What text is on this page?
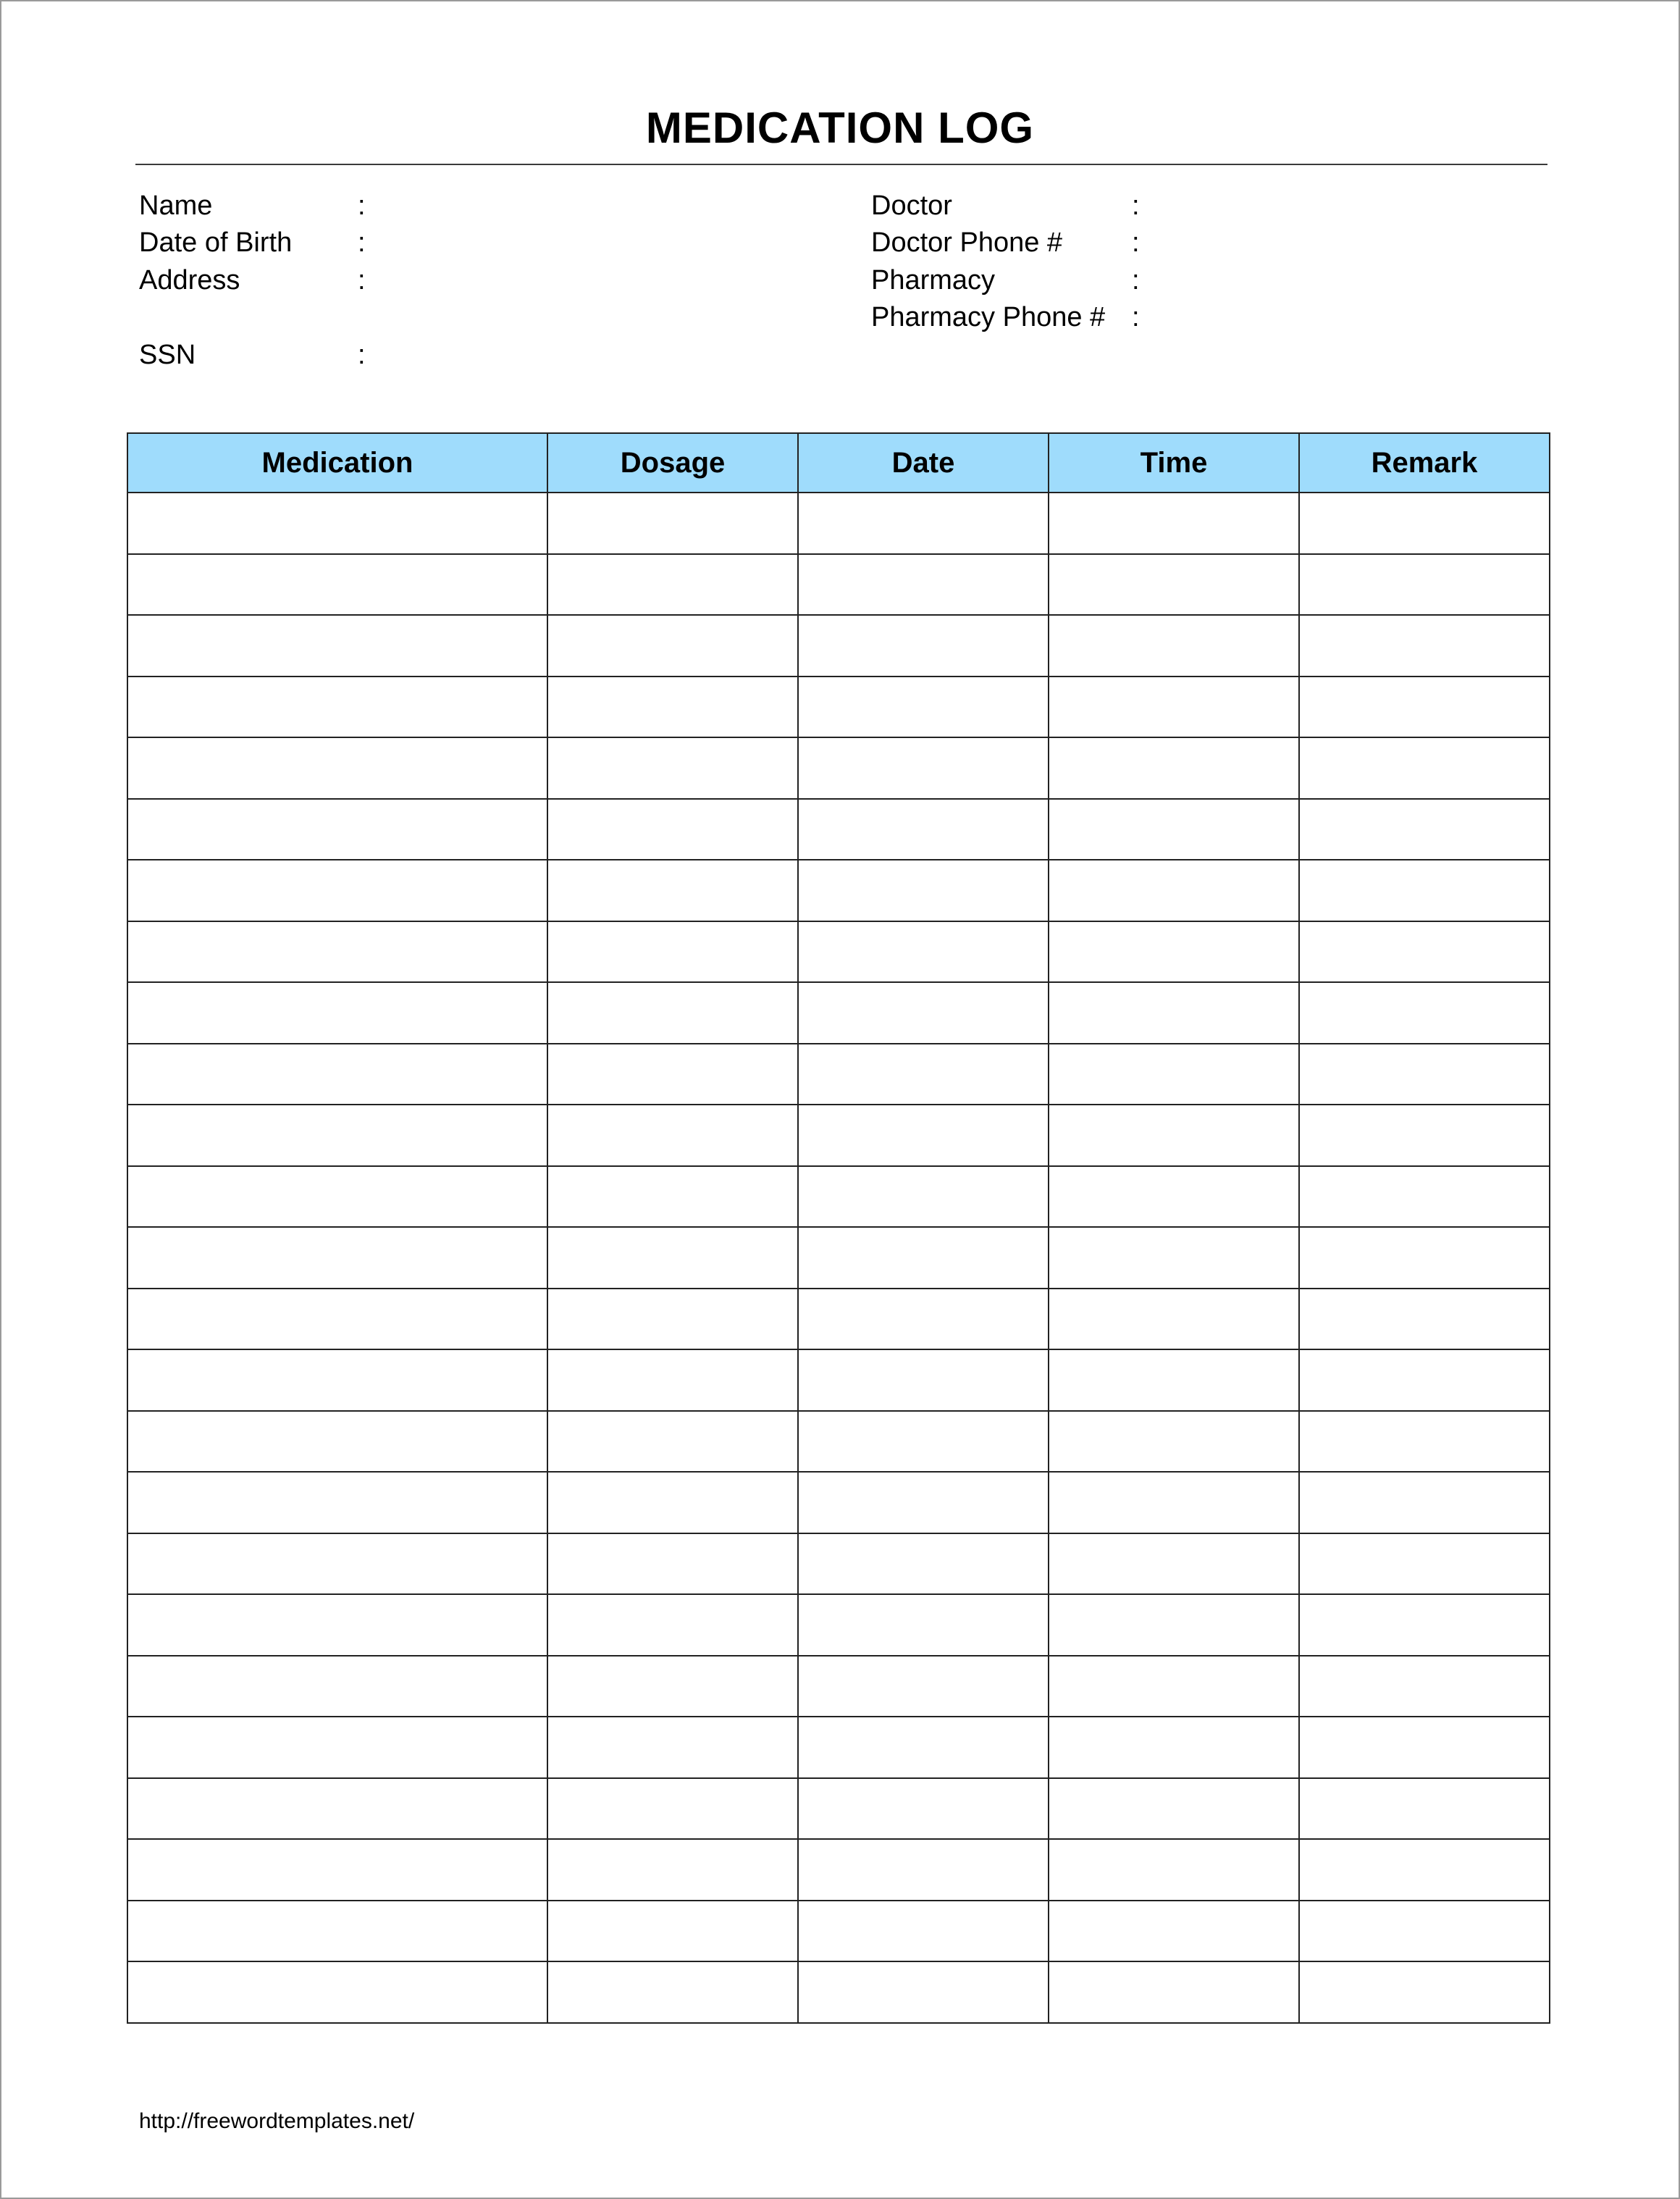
MEDICATION LOG
Name	:
Date of Birth :
Address	:
SSN	:
Doctor	:
Doctor Phone #	:
Pharmacy	:
Pharmacy Phone # :
Medication	Dosage	Date	Time	Remark

http://freewordtemplates.net/
